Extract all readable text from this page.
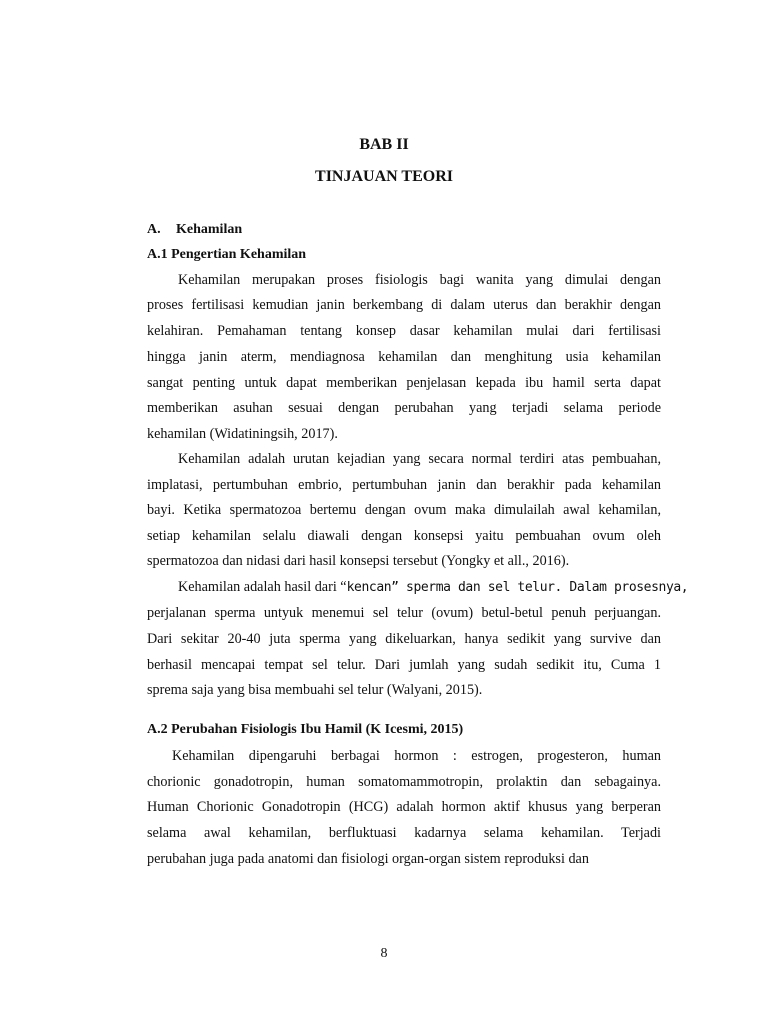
BAB II
TINJAUAN TEORI
A. Kehamilan
A.1 Pengertian Kehamilan
Kehamilan merupakan proses fisiologis bagi wanita yang dimulai dengan
proses fertilisasi kemudian janin berkembang di dalam uterus dan berakhir dengan
kelahiran. Pemahaman tentang konsep dasar kehamilan mulai dari fertilisasi
hingga janin aterm, mendiagnosa kehamilan dan menghitung usia kehamilan
sangat penting untuk dapat memberikan penjelasan kepada ibu hamil serta dapat
memberikan asuhan sesuai dengan perubahan yang terjadi selama periode
kehamilan (Widatiningsih, 2017).
Kehamilan adalah urutan kejadian yang secara normal terdiri atas pembuahan,
implatasi, pertumbuhan embrio, pertumbuhan janin dan berakhir pada kehamilan
bayi. Ketika spermatozoa bertemu dengan ovum maka dimulailah awal kehamilan,
setiap kehamilan selalu diawali dengan konsepsi yaitu pembuahan ovum oleh
spermatozoa dan nidasi dari hasil konsepsi tersebut (Yongky et all., 2016).
Kehamilan adalah hasil dari “kencan” sperma dan sel telur. Dalam prosesnya,
perjalanan sperma untyuk menemui sel telur (ovum) betul-betul penuh perjuangan.
Dari sekitar 20-40 juta sperma yang dikeluarkan, hanya sedikit yang survive dan
berhasil mencapai tempat sel telur. Dari jumlah yang sudah sedikit itu, Cuma 1
sprema saja yang bisa membuahi sel telur (Walyani, 2015).
A.2 Perubahan Fisiologis Ibu Hamil (K Icesmi, 2015)
Kehamilan dipengaruhi berbagai hormon : estrogen, progesteron, human
chorionic gonadotropin, human somatomammotropin, prolaktin dan sebagainya.
Human Chorionic Gonadotropin (HCG) adalah hormon aktif khusus yang berperan
selama awal kehamilan, berfluktuasi kadarnya selama kehamilan. Terjadi
perubahan juga pada anatomi dan fisiologi organ-organ sistem reproduksi dan
8
